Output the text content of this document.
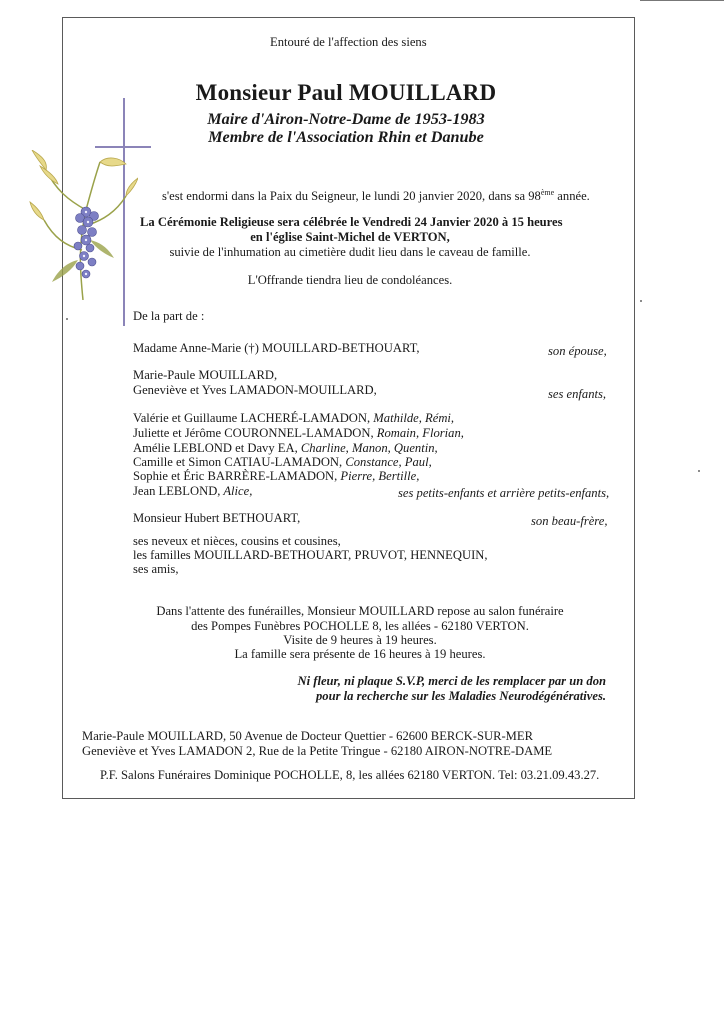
Entouré de l'affection des siens
Monsieur Paul MOUILLARD
Maire d'Airon-Notre-Dame de 1953-1983
Membre de l'Association Rhin et Danube
s'est endormi dans la Paix du Seigneur, le lundi 20 janvier 2020, dans sa 98ème année.
La Cérémonie Religieuse sera célébrée le Vendredi 24 Janvier 2020 à 15 heures
en l'église Saint-Michel de VERTON,
suivie de l'inhumation au cimetière dudit lieu dans le caveau de famille.
L'Offrande tiendra lieu de condoléances.
De la part de :
Madame Anne-Marie (†) MOUILLARD-BETHOUART,	son épouse,
Marie-Paule MOUILLARD,
Geneviève et Yves LAMADON-MOUILLARD,	ses enfants,
Valérie et Guillaume LACHERÉ-LAMADON, Mathilde, Rémi,
Juliette et Jérôme COURONNEL-LAMADON, Romain, Florian,
Amélie LEBLOND et Davy EA, Charline, Manon, Quentin,
Camille et Simon CATIAU-LAMADON, Constance, Paul,
Sophie et Éric BARRÈRE-LAMADON, Pierre, Bertille,
Jean LEBLOND, Alice,	ses petits-enfants et arrière petits-enfants,
Monsieur Hubert BETHOUART,	son beau-frère,
ses neveux et nièces, cousins et cousines,
les familles MOUILLARD-BETHOUART, PRUVOT, HENNEQUIN,
ses amis,
Dans l'attente des funérailles, Monsieur MOUILLARD repose au salon funéraire
des Pompes Funèbres POCHOLLE 8, les allées - 62180 VERTON.
Visite de 9 heures à 19 heures.
La famille sera présente de 16 heures à 19 heures.
Ni fleur, ni plaque S.V.P, merci de les remplacer par un don
pour la recherche sur les Maladies Neurodégénératives.
Marie-Paule MOUILLARD, 50 Avenue de Docteur Quettier - 62600 BERCK-SUR-MER
Geneviève et Yves LAMADON 2, Rue de la Petite Tringue - 62180 AIRON-NOTRE-DAME
P.F. Salons Funéraires Dominique POCHOLLE, 8, les allées 62180 VERTON. Tel: 03.21.09.43.27.
